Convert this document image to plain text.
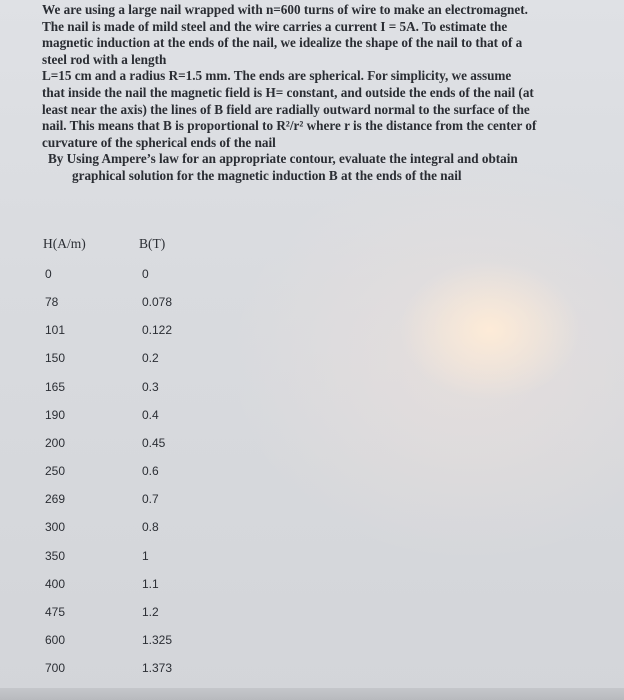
We are using a large nail wrapped with n=600 turns of wire to make an electromagnet.

The nail is made of mild steel and the wire carries a current I = 5A. To estimate the

magnetic induction at the ends of the nail, we idealize the shape of the nail to that of a

steel rod with a length

L=15 cm and a radius R=1.5 mm. The ends are spherical. For simplicity, we assume

that inside the nail the magnetic field is H= constant, and outside the ends of the nail (at

least near the axis) the lines of B field are radially outward normal to the surface of the

nail. This means that B is proportional to R²/r² where r is the distance from the center of

curvature of the spherical ends of the nail

By Using Ampere’s law for an appropriate contour, evaluate the integral and obtain

graphical solution for the magnetic induction B at the ends of the nail

H(A/m)	B(T)
0	0
78	0.078
101	0.122
150	0.2
165	0.3
190	0.4
200	0.45
250	0.6
269	0.7
300	0.8
350	1
400	1.1
475	1.2
600	1.325
700	1.373
